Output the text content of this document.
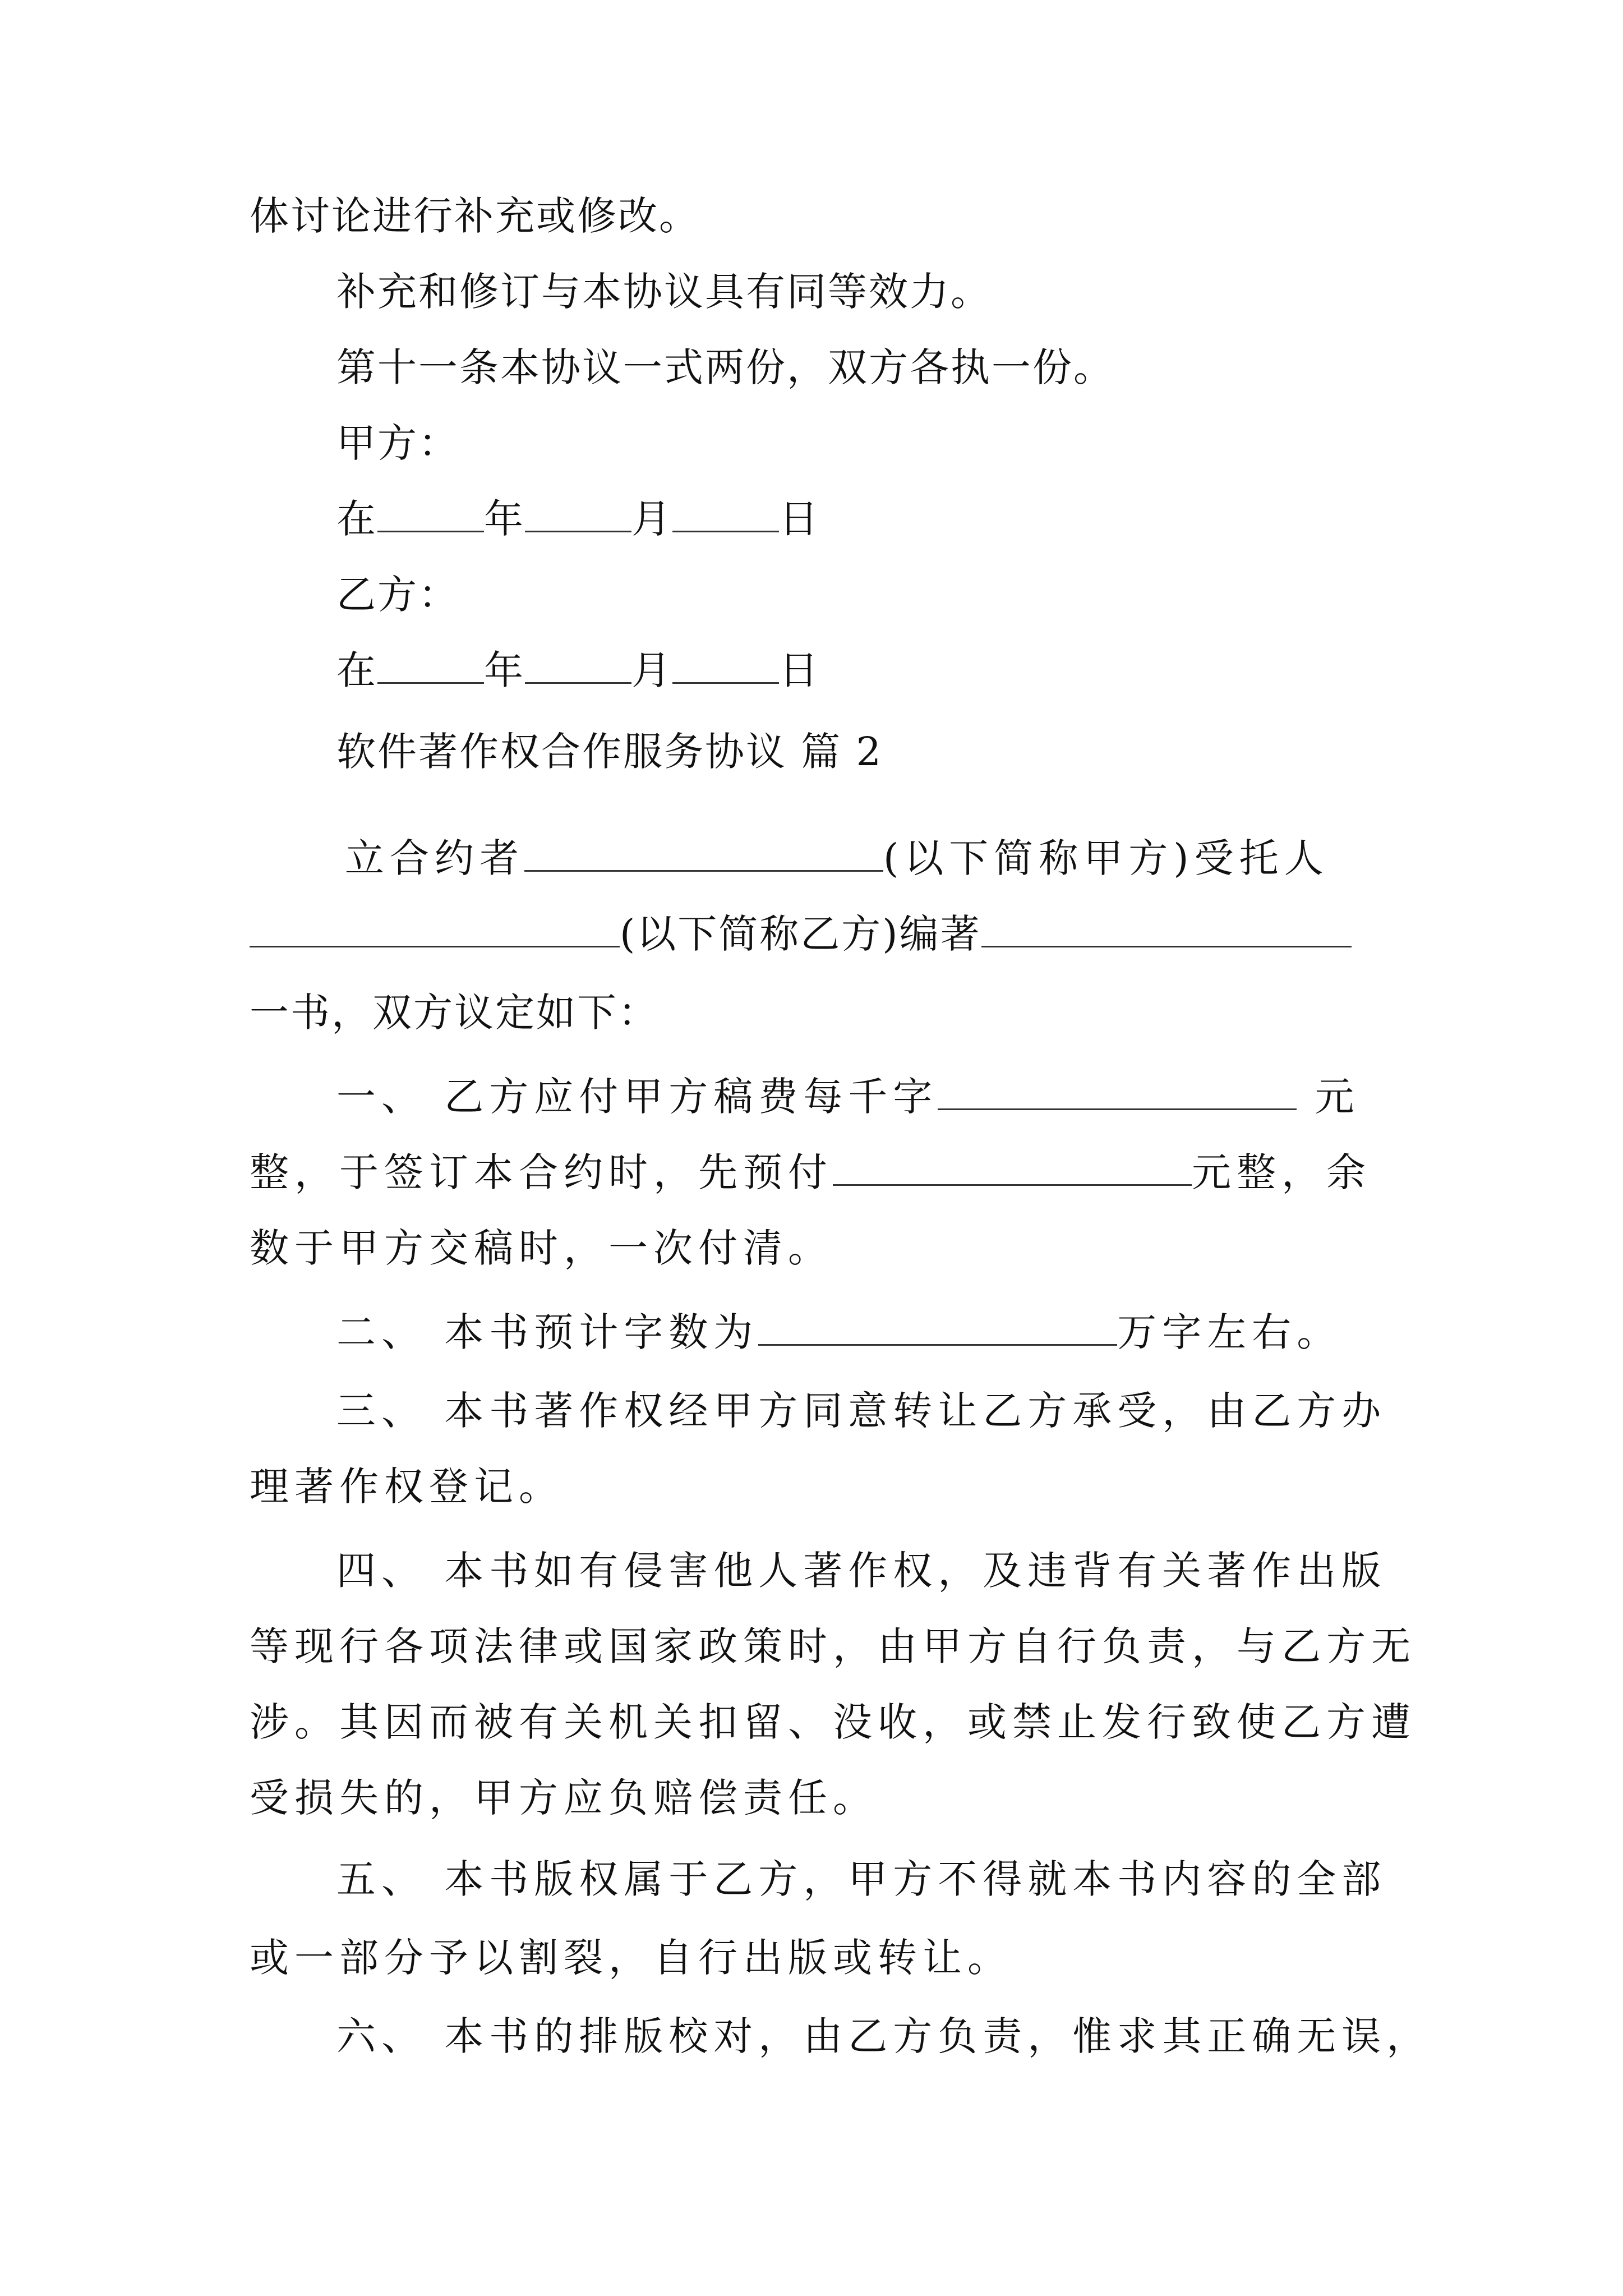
体讨论进行补充或修改。
补充和修订与本协议具有同等效力。
第十一条本协议一式两份，双方各执一份。
甲方：
在	年	月	日
乙方：
在	年	月	日
软件著作权合作服务协议 篇 2
立合约者	(以下简称甲方)受托人
(以下简称乙方)编著
一书，双方议定如下：
一、 乙方应付甲方稿费每千字	元
整，于签订本合约时，先预付	元整，余
数于甲方交稿时，一次付清。
二、 本书预计字数为	万字左右。
三、 本书著作权经甲方同意转让乙方承受，由乙方办
理著作权登记。
四、 本书如有侵害他人著作权，及违背有关著作出版
等现行各项法律或国家政策时，由甲方自行负责，与乙方无
涉。其因而被有关机关扣留、没收，或禁止发行致使乙方遭
受损失的，甲方应负赔偿责任。
五、 本书版权属于乙方，甲方不得就本书内容的全部
或一部分予以割裂，自行出版或转让。
六、 本书的排版校对，由乙方负责，惟求其正确无误，
